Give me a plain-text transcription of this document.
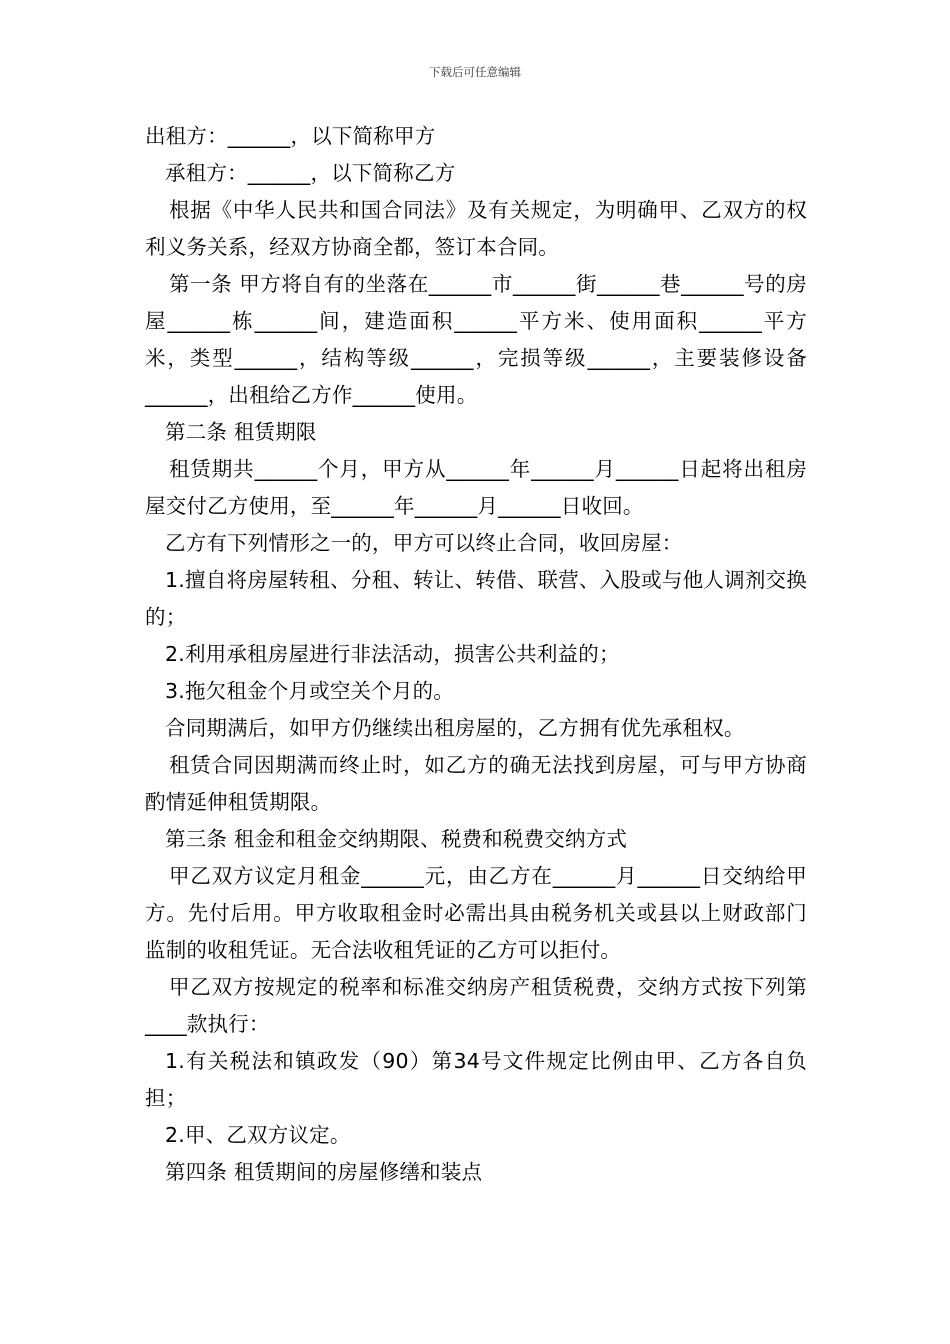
下载后可任意编辑

出租方：______，以下简称甲方

承租方：______，以下简称乙方

根据《中华人民共和国合同法》及有关规定，为明确甲、乙双方的权利义务关系，经双方协商全都，签订本合同。

第一条 甲方将自有的坐落在______市______街______巷______号的房屋______栋______间，建造面积______平方米、使用面积______平方米，类型______，结构等级______，完损等级______，主要装修设备______，出租给乙方作______使用。

第二条 租赁期限

租赁期共______个月，甲方从______年______月______日起将出租房屋交付乙方使用，至______年______月______日收回。

乙方有下列情形之一的，甲方可以终止合同，收回房屋：

1.擅自将房屋转租、分租、转让、转借、联营、入股或与他人调剂交换的；

2.利用承租房屋进行非法活动，损害公共利益的；

3.拖欠租金个月或空关个月的。

合同期满后，如甲方仍继续出租房屋的，乙方拥有优先承租权。

租赁合同因期满而终止时，如乙方的确无法找到房屋，可与甲方协商酌情延伸租赁期限。

第三条 租金和租金交纳期限、税费和税费交纳方式

甲乙双方议定月租金______元，由乙方在______月______日交纳给甲方。先付后用。甲方收取租金时必需出具由税务机关或县以上财政部门监制的收租凭证。无合法收租凭证的乙方可以拒付。

甲乙双方按规定的税率和标准交纳房产租赁税费，交纳方式按下列第____款执行：

1.有关税法和镇政发（90）第34号文件规定比例由甲、乙方各自负担；

2.甲、乙双方议定。

第四条 租赁期间的房屋修缮和装点
